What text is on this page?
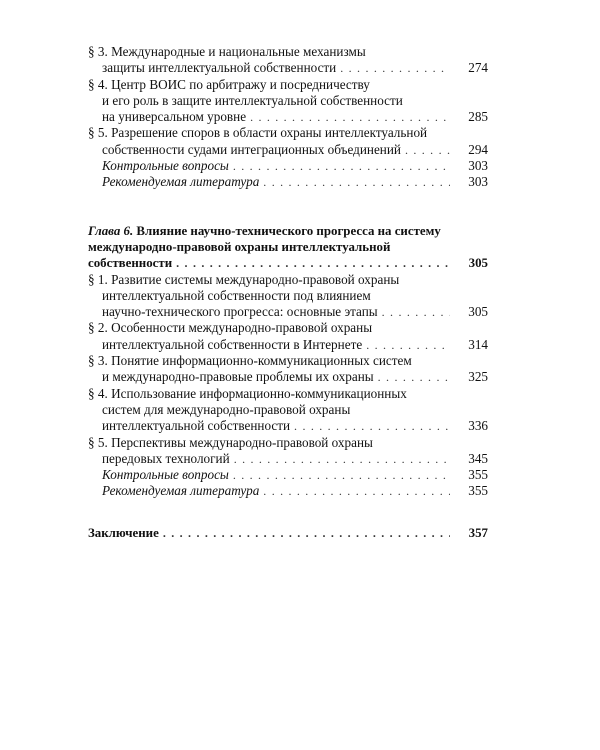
§ 3. Международные и национальные механизмы
защиты интеллектуальной собственности . . .	274
§ 4. Центр ВОИС по арбитражу и посредничеству
и его роль в защите интеллектуальной собственности
на универсальном уровне . . .	285
§ 5. Разрешение споров в области охраны интеллектуальной
собственности судами интеграционных объединений . . .	294
Контрольные вопросы . . .	303
Рекомендуемая литература . . .	303
Глава 6. Влияние научно-технического прогресса на систему
международно-правовой охраны интеллектуальной
собственности . . .	305
§ 1. Развитие системы международно-правовой охраны
интеллектуальной собственности под влиянием
научно-технического прогресса: основные этапы . . .	305
§ 2. Особенности международно-правовой охраны
интеллектуальной собственности в Интернете . . .	314
§ 3. Понятие информационно-коммуникационных систем
и международно-правовые проблемы их охраны . . .	325
§ 4. Использование информационно-коммуникационных
систем для международно-правовой охраны
интеллектуальной собственности . . .	336
§ 5. Перспективы международно-правовой охраны
передовых технологий . . .	345
Контрольные вопросы . . .	355
Рекомендуемая литература . . .	355
Заключение . . .	357
